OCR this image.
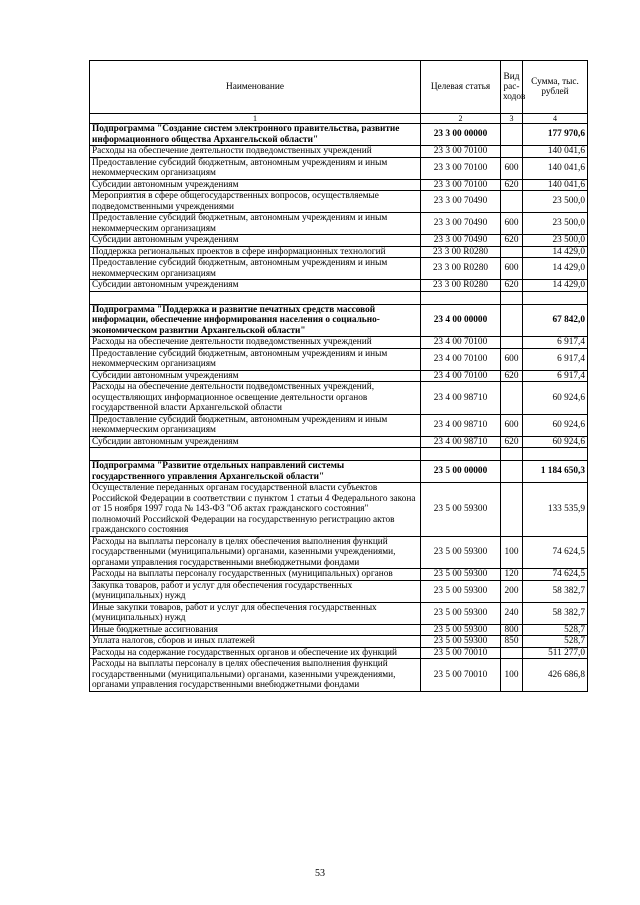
Наименование	Целевая статья	Вид рас-ходов	Сумма, тыс. рублей
1	2	3	4
Подпрограмма "Создание систем электронного правительства, развитие информационного общества Архангельской области"	23 3 00 00000		177 970,6
Расходы на обеспечение деятельности подведомственных учреждений	23 3 00 70100		140 041,6
Предоставление субсидий бюджетным, автономным учреждениям и иным некоммерческим организациям	23 3 00 70100	600	140 041,6
Субсидии автономным учреждениям	23 3 00 70100	620	140 041,6
Мероприятия в сфере общегосударственных вопросов, осуществляемые подведомственными учреждениями	23 3 00 70490		23 500,0
Предоставление субсидий бюджетным, автономным учреждениям и иным некоммерческим организациям	23 3 00 70490	600	23 500,0
Субсидии автономным учреждениям	23 3 00 70490	620	23 500,0
Поддержка региональных проектов в сфере информационных технологий	23 3 00 R0280		14 429,0
Предоставление субсидий бюджетным, автономным учреждениям и иным некоммерческим организациям	23 3 00 R0280	600	14 429,0
Субсидии автономным учреждениям	23 3 00 R0280	620	14 429,0

Подпрограмма "Поддержка и развитие печатных средств массовой информации, обеспечение информирования населения о социально-экономическом развитии Архангельской области"	23 4 00 00000		67 842,0
Расходы на обеспечение деятельности подведомственных учреждений	23 4 00 70100		6 917,4
Предоставление субсидий бюджетным, автономным учреждениям и иным некоммерческим организациям	23 4 00 70100	600	6 917,4
Субсидии автономным учреждениям	23 4 00 70100	620	6 917,4
Расходы на обеспечение деятельности подведомственных учреждений, осуществляющих информационное освещение деятельности органов государственной власти Архангельской области	23 4 00 98710		60 924,6
Предоставление субсидий бюджетным, автономным учреждениям и иным некоммерческим организациям	23 4 00 98710	600	60 924,6
Субсидии автономным учреждениям	23 4 00 98710	620	60 924,6

Подпрограмма "Развитие отдельных направлений системы государственного управления Архангельской области"	23 5 00 00000		1 184 650,3
Осуществление переданных органам государственной власти субъектов Российской Федерации в соответствии с пунктом 1 статьи 4 Федерального закона от 15 ноября 1997 года № 143-ФЗ "Об актах гражданского состояния" полномочий Российской Федерации на государственную регистрацию актов гражданского состояния	23 5 00 59300		133 535,9
Расходы на выплаты персоналу в целях обеспечения выполнения функций государственными (муниципальными) органами, казенными учреждениями, органами управления государственными внебюджетными фондами	23 5 00 59300	100	74 624,5
Расходы на выплаты персоналу государственных (муниципальных) органов	23 5 00 59300	120	74 624,5
Закупка товаров, работ и услуг для обеспечения государственных (муниципальных) нужд	23 5 00 59300	200	58 382,7
Иные закупки товаров, работ и услуг для обеспечения государственных (муниципальных) нужд	23 5 00 59300	240	58 382,7
Иные бюджетные ассигнования	23 5 00 59300	800	528,7
Уплата налогов, сборов и иных платежей	23 5 00 59300	850	528,7
Расходы на содержание государственных органов и обеспечение их функций	23 5 00 70010		511 277,0
Расходы на выплаты персоналу в целях обеспечения выполнения функций государственными (муниципальными) органами, казенными учреждениями, органами управления государственными внебюджетными фондами	23 5 00 70010	100	426 686,8
53
